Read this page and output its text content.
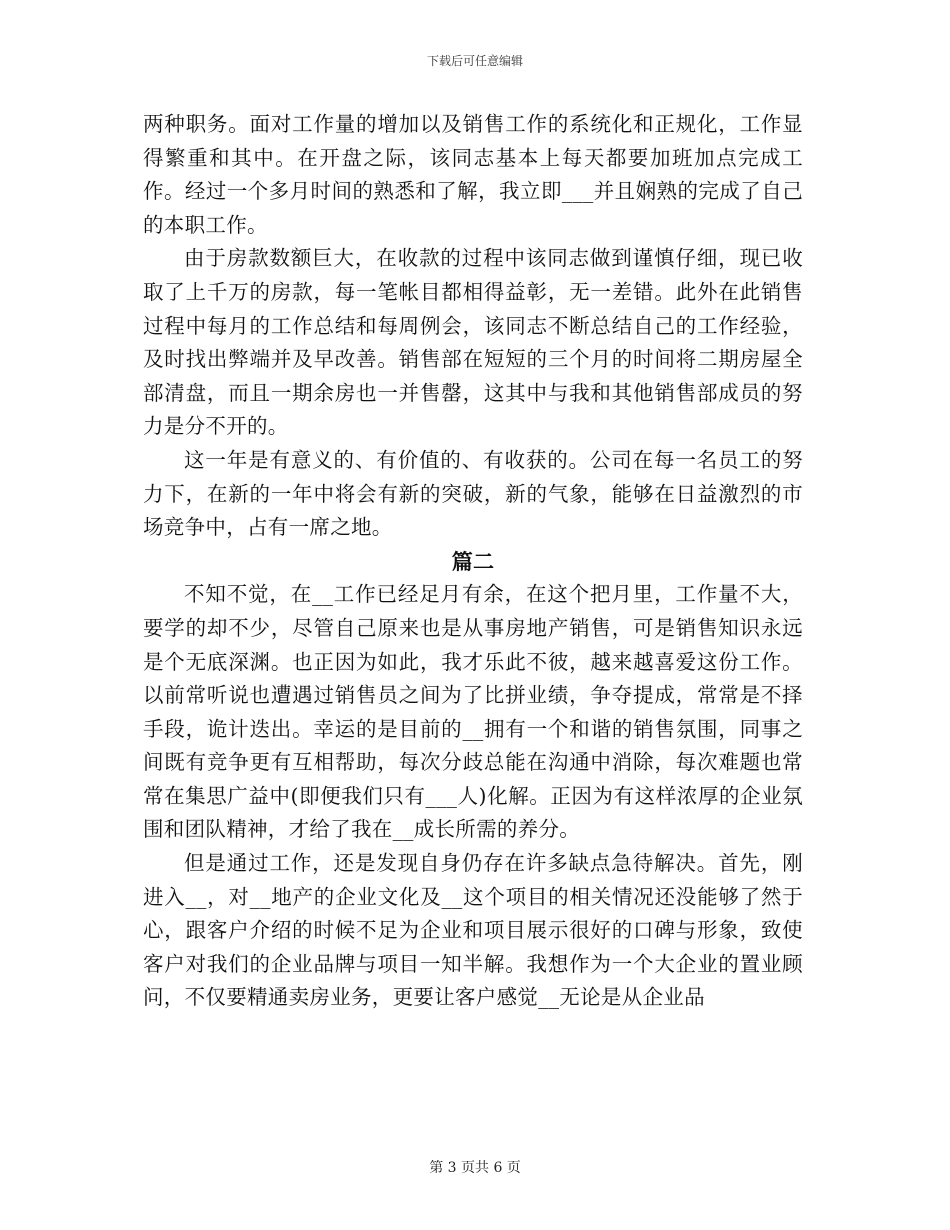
下载后可任意编辑

两种职务。面对工作量的增加以及销售工作的系统化和正规化，工作显得繁重和其中。在开盘之际，该同志基本上每天都要加班加点完成工作。经过一个多月时间的熟悉和了解，我立即___并且娴熟的完成了自己的本职工作。

由于房款数额巨大，在收款的过程中该同志做到谨慎仔细，现已收取了上千万的房款，每一笔帐目都相得益彰，无一差错。此外在此销售过程中每月的工作总结和每周例会，该同志不断总结自己的工作经验，及时找出弊端并及早改善。销售部在短短的三个月的时间将二期房屋全部清盘，而且一期余房也一并售罄，这其中与我和其他销售部成员的努力是分不开的。

这一年是有意义的、有价值的、有收获的。公司在每一名员工的努力下，在新的一年中将会有新的突破，新的气象，能够在日益激烈的市场竞争中，占有一席之地。

篇二

不知不觉，在__工作已经足月有余，在这个把月里，工作量不大，要学的却不少，尽管自己原来也是从事房地产销售，可是销售知识永远是个无底深渊。也正因为如此，我才乐此不彼，越来越喜爱这份工作。以前常听说也遭遇过销售员之间为了比拼业绩，争夺提成，常常是不择手段，诡计迭出。幸运的是目前的__拥有一个和谐的销售氛围，同事之间既有竞争更有互相帮助，每次分歧总能在沟通中消除，每次难题也常常在集思广益中(即便我们只有___人)化解。正因为有这样浓厚的企业氛围和团队精神，才给了我在__成长所需的养分。

但是通过工作，还是发现自身仍存在许多缺点急待解决。首先，刚进入__，对__地产的企业文化及__这个项目的相关情况还没能够了然于心，跟客户介绍的时候不足为企业和项目展示很好的口碑与形象，致使客户对我们的企业品牌与项目一知半解。我想作为一个大企业的置业顾问，不仅要精通卖房业务，更要让客户感觉__无论是从企业品

第 3 页共 6 页
